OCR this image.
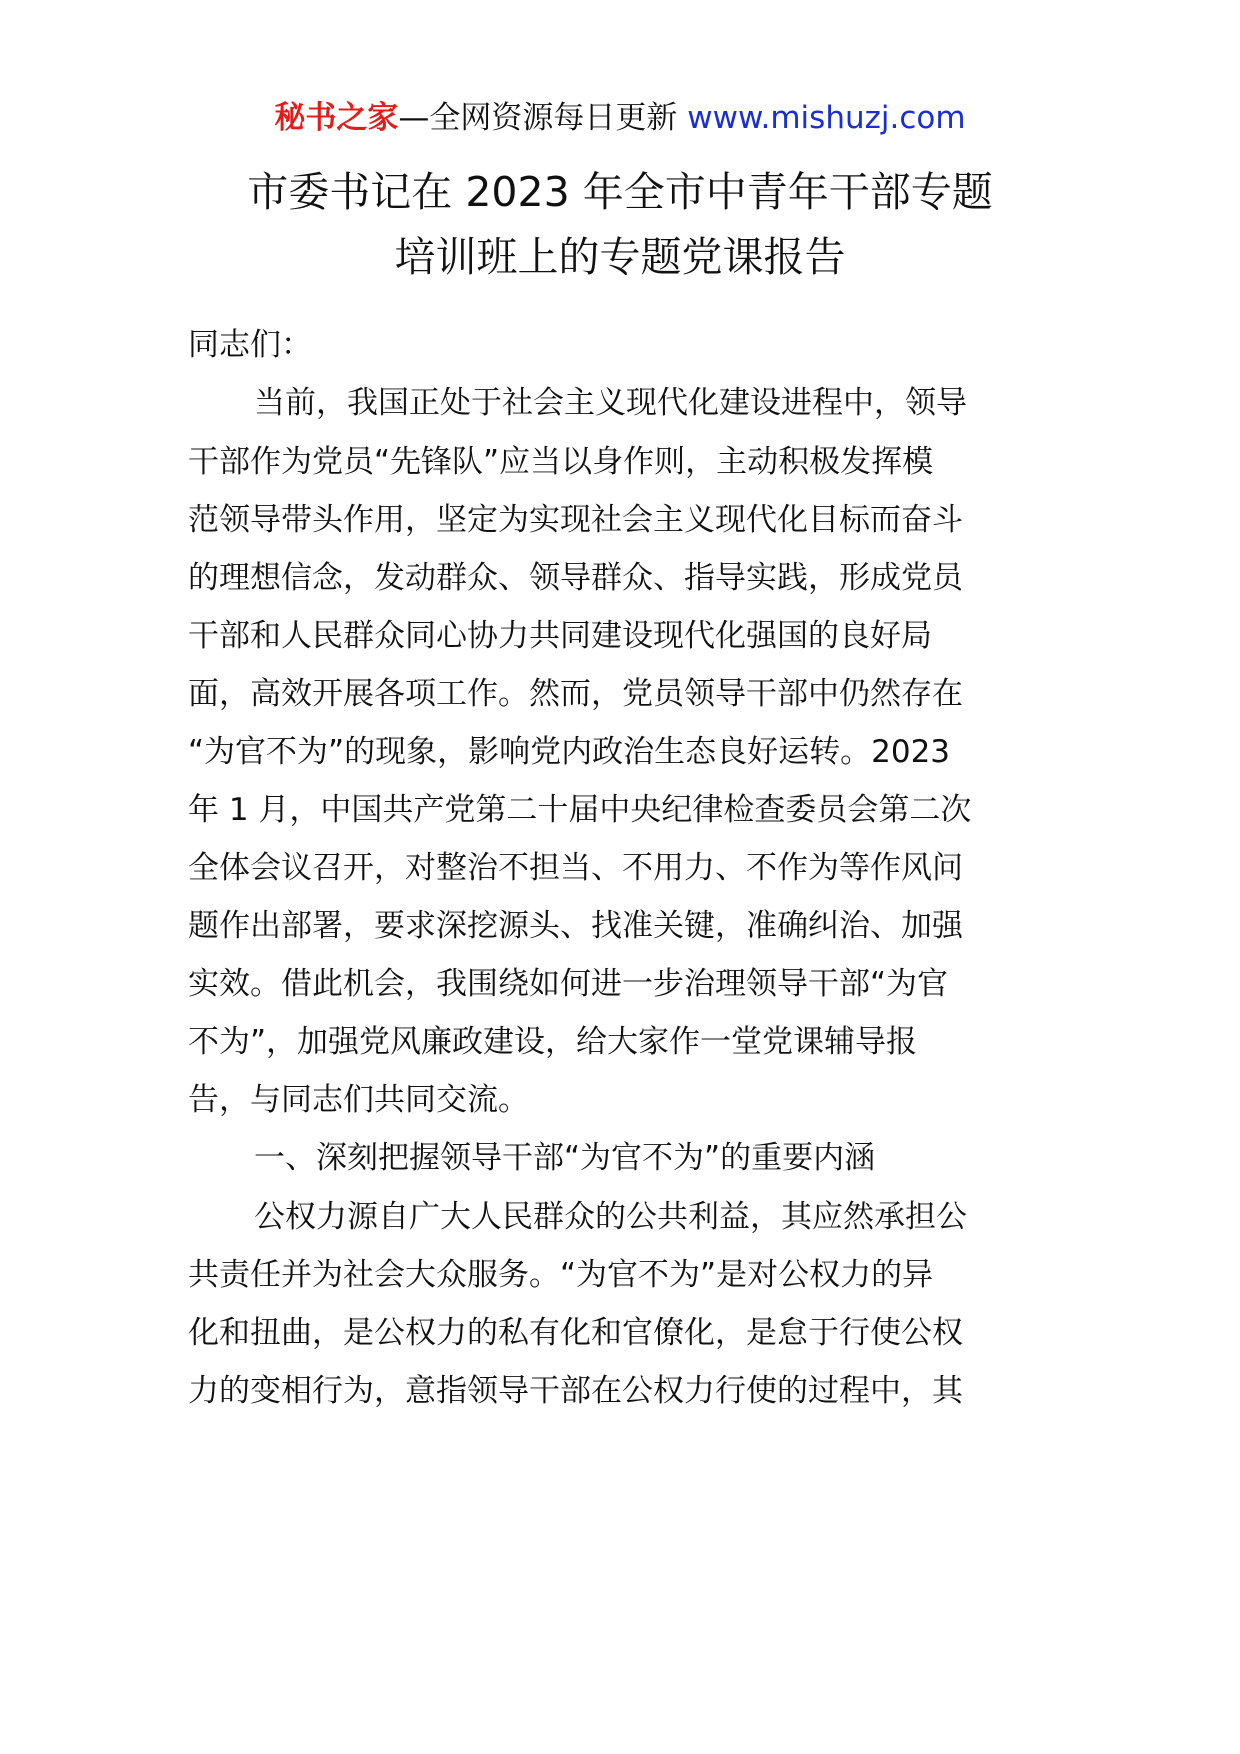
秘书之家—全网资源每日更新 www.mishuzj.com
市委书记在 2023 年全市中青年干部专题
培训班上的专题党课报告
同志们：
当前，我国正处于社会主义现代化建设进程中，领导
干部作为党员“先锋队”应当以身作则，主动积极发挥模
范领导带头作用，坚定为实现社会主义现代化目标而奋斗
的理想信念，发动群众、领导群众、指导实践，形成党员
干部和人民群众同心协力共同建设现代化强国的良好局
面，高效开展各项工作。然而，党员领导干部中仍然存在
“为官不为”的现象，影响党内政治生态良好运转。2023
年 1 月，中国共产党第二十届中央纪律检查委员会第二次
全体会议召开，对整治不担当、不用力、不作为等作风问
题作出部署，要求深挖源头、找准关键，准确纠治、加强
实效。借此机会，我围绕如何进一步治理领导干部“为官
不为”，加强党风廉政建设，给大家作一堂党课辅导报
告，与同志们共同交流。
一、深刻把握领导干部“为官不为”的重要内涵
公权力源自广大人民群众的公共利益，其应然承担公
共责任并为社会大众服务。“为官不为”是对公权力的异
化和扭曲，是公权力的私有化和官僚化，是怠于行使公权
力的变相行为，意指领导干部在公权力行使的过程中，其
